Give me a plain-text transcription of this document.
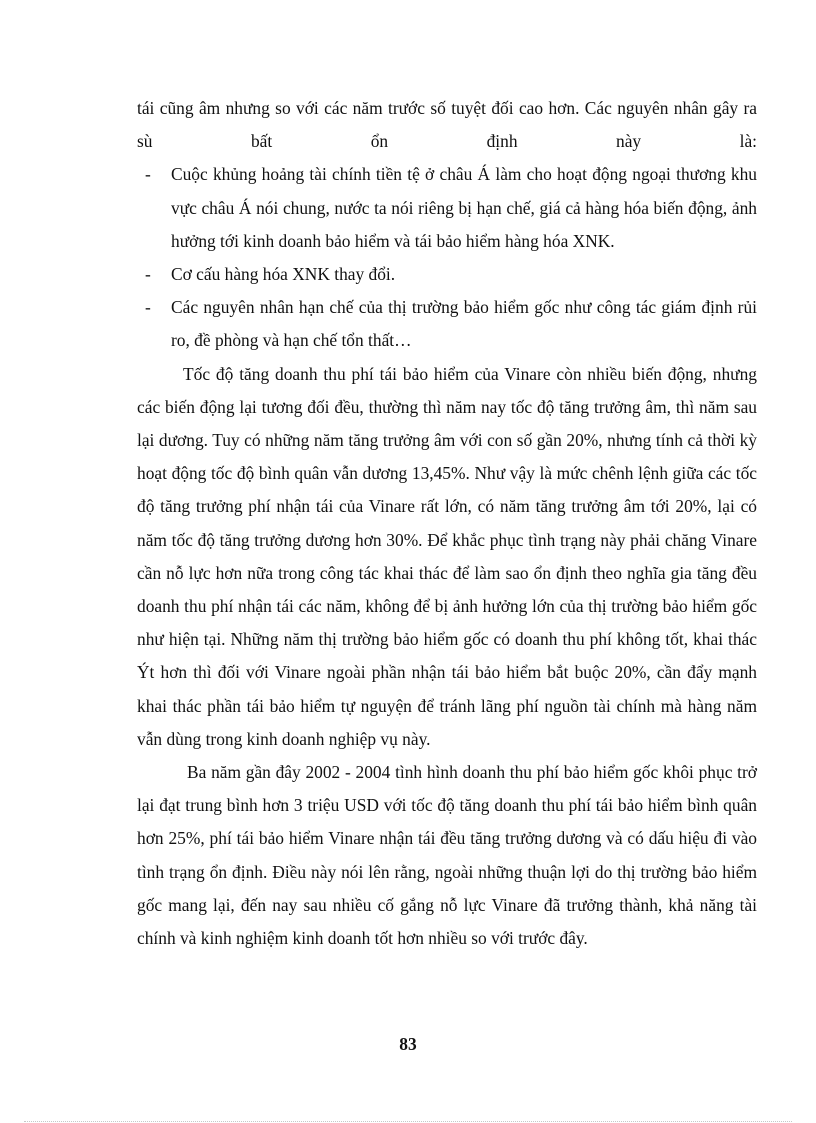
tái cũng âm nhưng so với các năm trước số tuyệt đối cao hơn. Các nguyên nhân gây ra sù bất ổn định này là:

- Cuộc khủng hoảng tài chính tiền tệ ở châu Á làm cho hoạt động ngoại thương khu vực châu Á nói chung, nước ta nói riêng bị hạn chế, giá cả hàng hóa biến động, ảnh hưởng tới kinh doanh bảo hiểm và tái bảo hiểm hàng hóa XNK.
- Cơ cấu hàng hóa XNK thay đổi.
- Các nguyên nhân hạn chế của thị trường bảo hiểm gốc như công tác giám định rủi ro, đề phòng và hạn chế tổn thất…

Tốc độ tăng doanh thu phí tái bảo hiểm của Vinare còn nhiều biến động, nhưng các biến động lại tương đối đều, thường thì năm nay tốc độ tăng trưởng âm, thì năm sau lại dương. Tuy có những năm tăng trưởng âm với con số gần 20%, nhưng tính cả thời kỳ hoạt động tốc độ bình quân vẫn dương 13,45%. Như vậy là mức chênh lệnh giữa các tốc độ tăng trưởng phí nhận tái của Vinare rất lớn, có năm tăng trưởng âm tới 20%, lại có năm tốc độ tăng trưởng dương hơn 30%. Để khắc phục tình trạng này phải chăng Vinare cần nỗ lực hơn nữa trong công tác khai thác để làm sao ổn định theo nghĩa gia tăng đều doanh thu phí nhận tái các năm, không để bị ảnh hưởng lớn của thị trường bảo hiểm gốc như hiện tại. Những năm thị trường bảo hiểm gốc có doanh thu phí không tốt, khai thác Ýt hơn thì đối với Vinare ngoài phần nhận tái bảo hiểm bắt buộc 20%, cần đẩy mạnh khai thác phần tái bảo hiểm tự nguyện để tránh lãng phí nguồn tài chính mà hàng năm vẫn dùng trong kinh doanh nghiệp vụ này.

Ba năm gần đây 2002 - 2004 tình hình doanh thu phí bảo hiểm gốc khôi phục trở lại đạt trung bình hơn 3 triệu USD với tốc độ tăng doanh thu phí tái bảo hiểm bình quân hơn 25%, phí tái bảo hiểm Vinare nhận tái đều tăng trưởng dương và có dấu hiệu đi vào tình trạng ổn định. Điều này nói lên rằng, ngoài những thuận lợi do thị trường bảo hiểm gốc mang lại, đến nay sau nhiều cố gắng nỗ lực Vinare đã trưởng thành, khả năng tài chính và kinh nghiệm kinh doanh tốt hơn nhiều so với trước đây.

83
